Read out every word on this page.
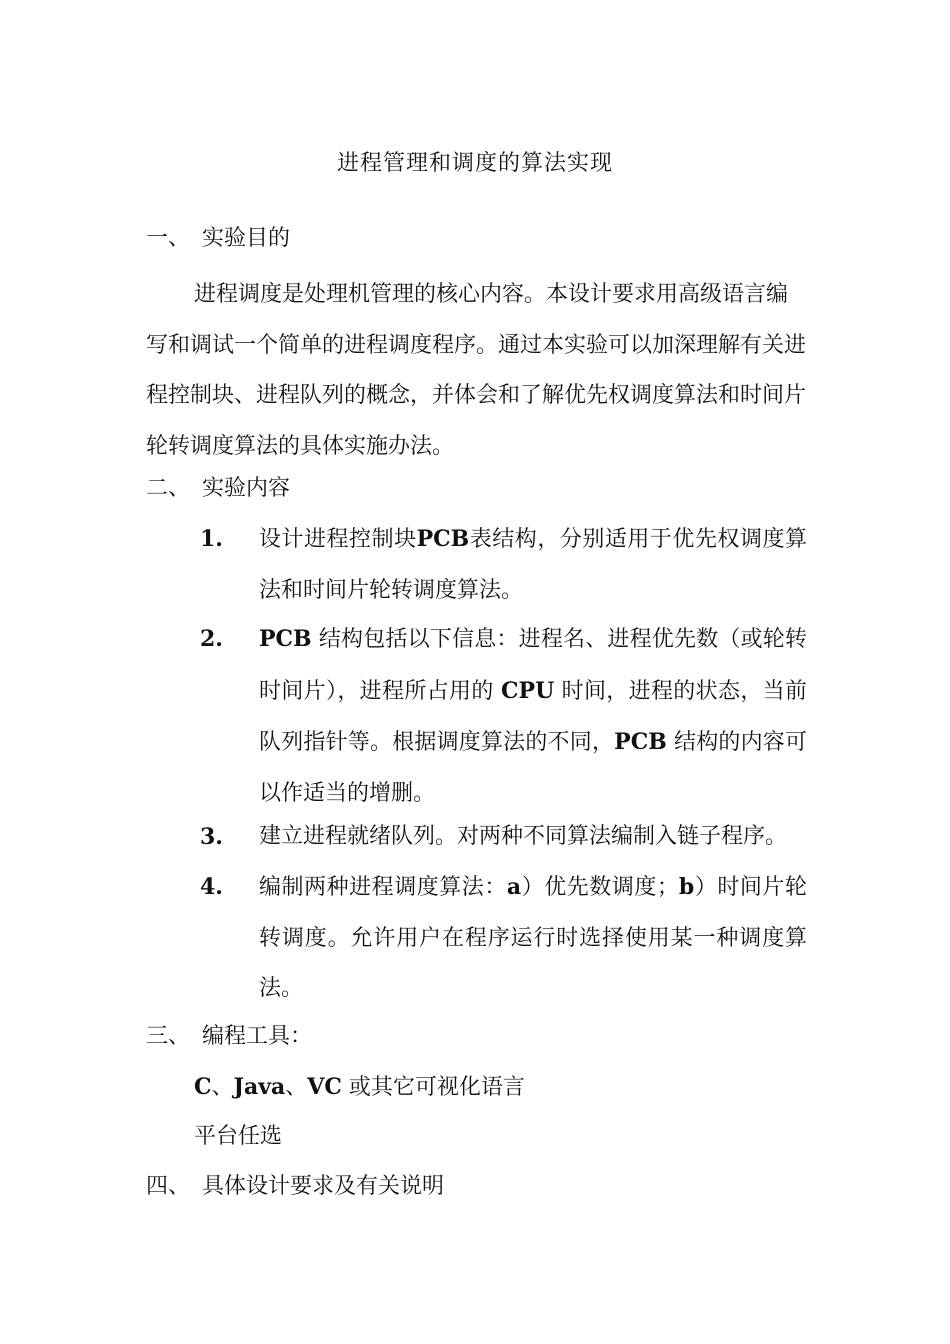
进程管理和调度的算法实现
一、 实验目的
进程调度是处理机管理的核心内容。本设计要求用高级语言编写和调试一个简单的进程调度程序。通过本实验可以加深理解有关进程控制块、进程队列的概念，并体会和了解优先权调度算法和时间片轮转调度算法的具体实施办法。
二、 实验内容
1. 设计进程控制块PCB表结构，分别适用于优先权调度算法和时间片轮转调度算法。
2. PCB 结构包括以下信息：进程名、进程优先数（或轮转时间片），进程所占用的 CPU 时间，进程的状态，当前队列指针等。根据调度算法的不同，PCB 结构的内容可以作适当的增删。
3. 建立进程就绪队列。对两种不同算法编制入链子程序。
4. 编制两种进程调度算法：a）优先数调度；b）时间片轮转调度。允许用户在程序运行时选择使用某一种调度算法。
三、 编程工具：
C、Java、VC 或其它可视化语言
平台任选
四、 具体设计要求及有关说明
